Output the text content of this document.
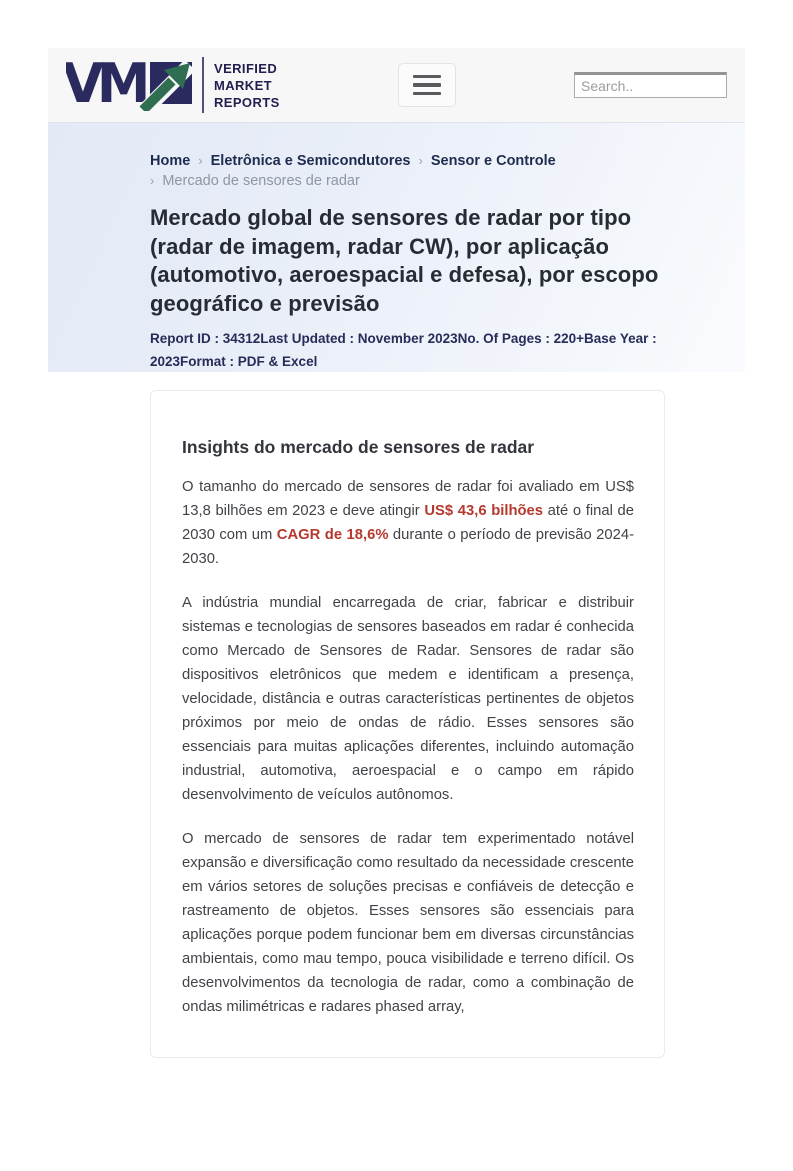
VM	VERIFIED
MARKET
REPORTS
Search..
Home › Eletrônica e Semicondutores › Sensor e Controle
› Mercado de sensores de radar
Mercado global de sensores de radar por tipo (radar de imagem, radar CW), por aplicação (automotivo, aeroespacial e defesa), por escopo geográfico e previsão
Report ID : 34312Last Updated : November 2023No. Of Pages : 220+Base Year : 2023Format : PDF & Excel
Insights do mercado de sensores de radar

O tamanho do mercado de sensores de radar foi avaliado em US$ 13,8 bilhões em 2023 e deve atingir US$ 43,6 bilhões até o final de 2030 com um CAGR de 18,6% durante o período de previsão 2024-2030.

A indústria mundial encarregada de criar, fabricar e distribuir sistemas e tecnologias de sensores baseados em radar é conhecida como Mercado de Sensores de Radar. Sensores de radar são dispositivos eletrônicos que medem e identificam a presença, velocidade, distância e outras características pertinentes de objetos próximos por meio de ondas de rádio. Esses sensores são essenciais para muitas aplicações diferentes, incluindo automação industrial, automotiva, aeroespacial e o campo em rápido desenvolvimento de veículos autônomos.

O mercado de sensores de radar tem experimentado notável expansão e diversificação como resultado da necessidade crescente em vários setores de soluções precisas e confiáveis de detecção e rastreamento de objetos. Esses sensores são essenciais para aplicações porque podem funcionar bem em diversas circunstâncias ambientais, como mau tempo, pouca visibilidade e terreno difícil. Os desenvolvimentos da tecnologia de radar, como a combinação de ondas milimétricas e radares phased array,
